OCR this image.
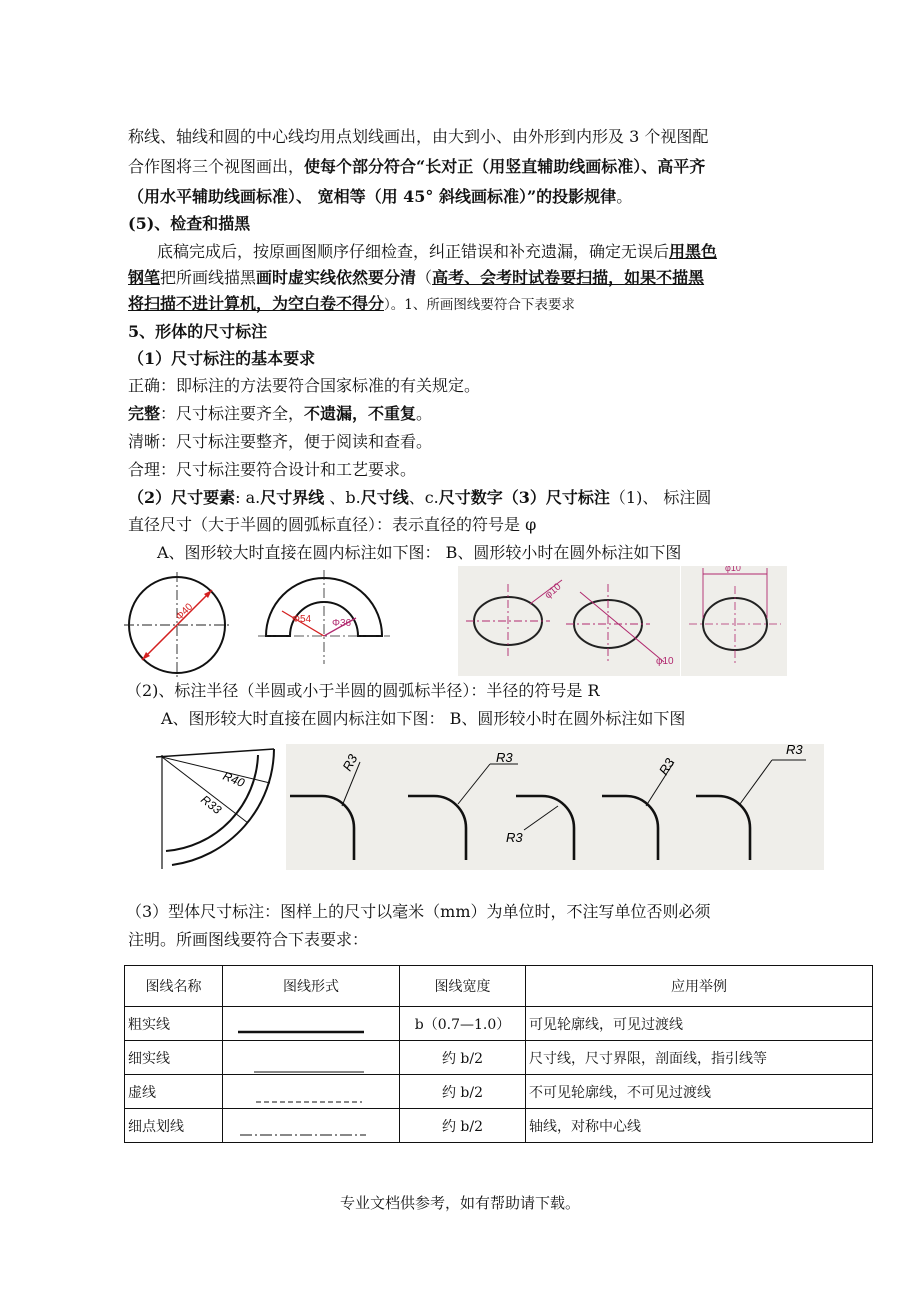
称线、轴线和圆的中心线均用点划线画出，由大到小、由外形到内形及 3 个视图配
合作图将三个视图画出，使每个部分符合“长对正（用竖直辅助线画标准）、高平齐
（用水平辅助线画标准）、 宽相等（用 45° 斜线画标准）”的投影规律。
(5)、检查和描黑
底稿完成后，按原画图顺序仔细检查，纠正错误和补充遗漏，确定无误后用黑色
钢笔把所画线描黑画时虚实线依然要分清（高考、会考时试卷要扫描，如果不描黑
将扫描不进计算机，为空白卷不得分）。1、所画图线要符合下表要求
5、形体的尺寸标注
（1）尺寸标注的基本要求
正确：即标注的方法要符合国家标准的有关规定。
完整：尺寸标注要齐全，不遗漏，不重复。
清晰：尺寸标注要整齐，便于阅读和查看。
合理：尺寸标注要符合设计和工艺要求。
（2）尺寸要素: a.尺寸界线 、b.尺寸线、c.尺寸数字（3）尺寸标注（1)、 标注圆
直径尺寸（大于半圆的圆弧标直径）：表示直径的符号是 φ
A、图形较大时直接在圆内标注如下图： B、圆形较小时在圆外标注如下图
Φ40	Φ54 Φ36
φ10
φ10
φ10
（2)、标注半径（半圆或小于半圆的圆弧标半径）：半径的符号是 R
A、图形较大时直接在圆内标注如下图： B、圆形较小时在圆外标注如下图
R40
R33
R3	R3
R3
R3
R3
（3）型体尺寸标注：图样上的尺寸以毫米（mm）为单位时，不注写单位否则必须
注明。所画图线要符合下表要求：
图线名称	图线形式	图线宽度	应用举例
粗实线		b（0.7—1.0）	可见轮廓线，可见过渡线
细实线		约 b/2	尺寸线，尺寸界限，剖面线，指引线等
虚线		约 b/2	不可见轮廓线，不可见过渡线
细点划线		约 b/2	轴线，对称中心线
专业文档供参考，如有帮助请下载。
